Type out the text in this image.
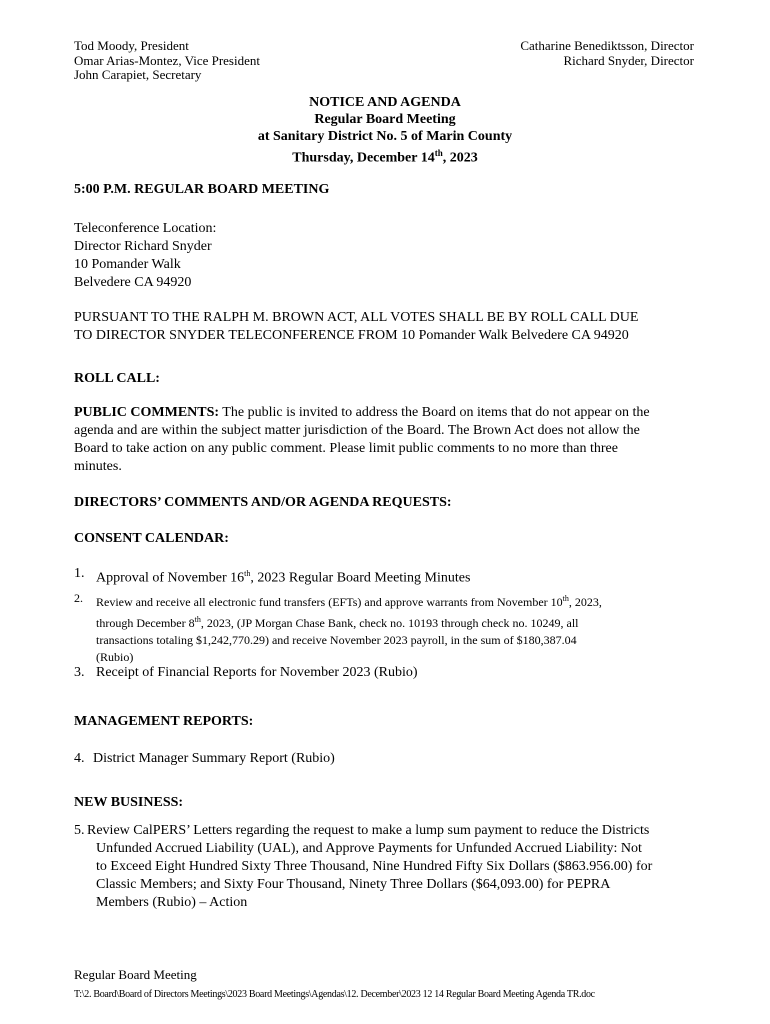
Tod Moody, President
Omar Arias-Montez, Vice President
John Carapiet, Secretary
Catharine Benediktsson, Director
Richard Snyder, Director
NOTICE AND AGENDA
Regular Board Meeting
at Sanitary District No. 5 of Marin County
Thursday, December 14th, 2023
5:00 P.M. REGULAR BOARD MEETING
Teleconference Location:
Director Richard Snyder
10 Pomander Walk
Belvedere CA 94920
PURSUANT TO THE RALPH M. BROWN ACT, ALL VOTES SHALL BE BY ROLL CALL DUE
TO DIRECTOR SNYDER TELECONFERENCE FROM 10 Pomander Walk Belvedere CA 94920
ROLL CALL:
PUBLIC COMMENTS: The public is invited to address the Board on items that do not appear on the
agenda and are within the subject matter jurisdiction of the Board. The Brown Act does not allow the
Board to take action on any public comment. Please limit public comments to no more than three
minutes.
DIRECTORS’ COMMENTS AND/OR AGENDA REQUESTS:
CONSENT CALENDAR:
1. Approval of November 16th, 2023 Regular Board Meeting Minutes
2.	Review and receive all electronic fund transfers (EFTs) and approve warrants from November 10th, 2023,
through December 8th, 2023, (JP Morgan Chase Bank, check no. 10193 through check no. 10249, all
transactions totaling $1,242,770.29) and receive November 2023 payroll, in the sum of $180,387.04
(Rubio)
3. Receipt of Financial Reports for November 2023 (Rubio)
MANAGEMENT REPORTS:
4. District Manager Summary Report (Rubio)
NEW BUSINESS:
5. Review CalPERS’ Letters regarding the request to make a lump sum payment to reduce the Districts
Unfunded Accrued Liability (UAL), and Approve Payments for Unfunded Accrued Liability: Not
to Exceed Eight Hundred Sixty Three Thousand, Nine Hundred Fifty Six Dollars ($863.956.00) for
Classic Members; and Sixty Four Thousand, Ninety Three Dollars ($64,093.00) for PEPRA
Members (Rubio) – Action
Regular Board Meeting
T:\2. Board\Board of Directors Meetings\2023 Board Meetings\Agendas\12. December\2023 12 14 Regular Board Meeting Agenda TR.doc
